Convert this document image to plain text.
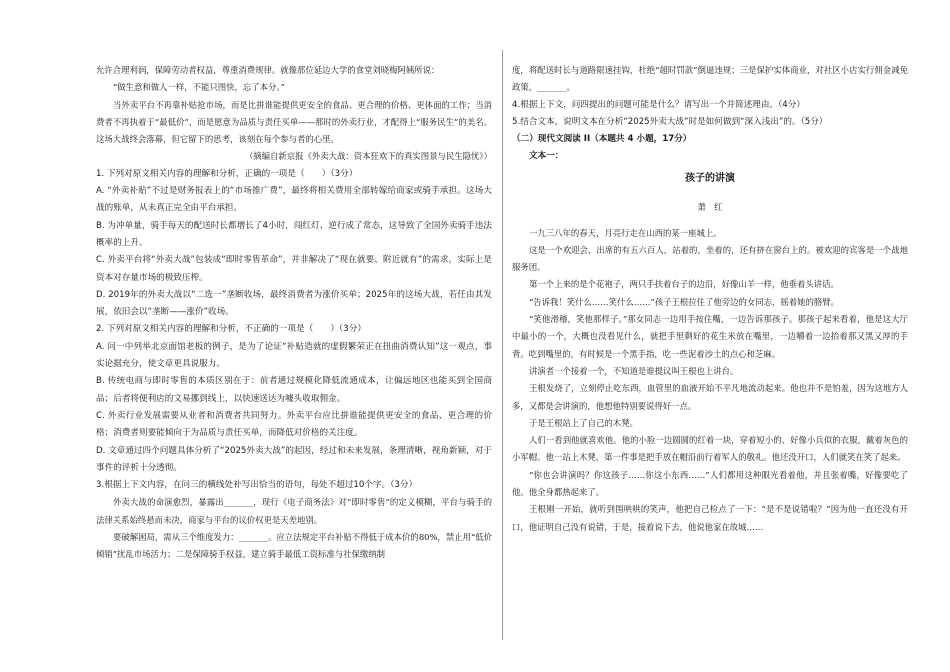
允许合理利润，保障劳动者权益，尊重消费规律。就像那位延边大学的食堂刘晓梅阿姨所说：

“做生意和做人一样，不能只图快，忘了本分。”

当外卖平台不再靠补贴抢市场，而是比拼谁能提供更安全的食品、更合理的价格、更体面的工作；当消费者不再执着于“最低价”，而是愿意为品质与责任买单——那时的外卖行业，才配得上“服务民生”的美名。这场大战终会落幕，但它留下的思考，该刻在每个参与者的心里。

（摘编自新京报《外卖大战：资本狂欢下的真实图景与民生隐忧》）

1. 下列对原文相关内容的理解和分析，正确的一项是（　　）（3分）

A. “外卖补贴”不过是财务报表上的“市场推广费”，最终将相关费用全部转嫁给商家或骑手承担。这场大战的账单，从未真正完全由平台承担。

B. 为冲单量，骑手每天的配送时长都增长了4小时，闯红灯、逆行成了常态，这导致了全国外卖骑手违法概率的上升。

C. 外卖平台将“外卖大战”包装成“即时零售革命”，并非解决了“现在就要、附近就有”的需求，实际上是资本对存量市场的极致压榨。

D. 2019年的外卖大战以“二选一”垄断收场，最终消费者为涨价买单；2025年的这场大战，若任由其发展，依旧会以“垄断——涨价”收场。

2. 下列对原文相关内容的理解和分析，不正确的一项是（　　）（3分）

A. 问一中列举北京面馆老板的例子，是为了论证“补贴造就的虚假繁荣正在扭曲消费认知”这一观点，事实论据充分，使文章更具说服力。

B. 传统电商与即时零售的本质区别在于：前者通过规模化降低流通成本，让偏远地区也能买到全国商品；后者将便利店的文易挪到线上，以快速送达为噱头收取佣金。

C. 外卖行业发展需要从业者和消费者共同努力。外卖平台应比拼谁能提供更安全的食品、更合理的价格；消费者则要能倾向于为品质与责任买单，而降低对价格的关注度。

D. 文章通过四个问题具体分析了“2025外卖大战”的起因，经过和未来发展，条理清晰，视角新颖，对于事件的评析十分透彻。

3.根据上下文内容，在问三的横线处补写出恰当的语句，每处不超过10个字。（3分）

外卖大战的命演愈烈，暴露出_______，现行《电子商务法》对“即时零售”的定义模糊，平台与骑手的法律关系始终悬而未决，商家与平台的议价权更是天差地别。

要破解困局，需从三个维度发力：_______。应立法规定平台补贴不得低于成本价的80%，禁止用“低价倾销”扰乱市场活力；二是保障骑手权益，建立骑手最低工资标准与社保缴纳制

度，将配送时长与道路限速挂钩，杜绝“超时罚款”倒逼违规；三是保护实体商业，对社区小店实行佣金减免政策，_______。

4.根据上下文，问四提出的问题可能是什么？请写出一个并简述理由。（4分）

5.结合文本，说明文本在分析“2025外卖大战”时是如何做到“深入浅出”的。（5分）

（二）现代文阅读 II（本题共 4 小题，17分）

文本一：

孩子的讲演

萧　红

一九三八年的春天，月亮行走在山西的某一座城上。

这是一个欢迎会，出席的有五六百人，站着的，坐着的，还有挤在窗台上的。被欢迎的宾客是一个战地服务团。

第一个上来的是个花袍子，两只手扶着台子的边沿，好像山羊一样，他垂着头讲话。

“告诉我！笑什么……笑什么……”孩子王根拉住了他旁边的女同志，摇着她的胳臂。

“笑他滑稽，笑他那样子。”那女同志一边用手按住嘴，一边告诉那孩子。那孩子起来看着，他是这大厅中最小的一个，大概也没看见什么，就把手里剩好的花生米放在嘴里，一边嚼着一边抬着那又黑又厚的手背。吃到嘴里的，有时候是一个黑手指，吃一些泥着沙土的点心和芝麻。

讲演者一个接着一个，不知道是谁提议叫王根也上讲台。

王根发烧了，立刻停止吃东西，血管里的血液开始不平凡地流动起来。他也并不是怕羞，因为这地方人多，又都是会讲演的，他想他特别要说得好一点。

于是王根站上了自己的木凳。

人们一看到他就喜欢他。他的小脸一边圆圆的红着一块，穿着短小的、好像小兵似的衣服，戴着灰色的小军帽。他一站上木凳，第一件事是把手放在帽沿前行着军人的敬礼。他还没开口，人们就笑在笑了起来。

“你也会讲演吗？你这孩子……你这小东西……”人们都用这种眼光看着他，并且张着嘴，好像要吃了他。他全身都热起来了。

王根刚一开始，就听到围哄哄的笑声，他把自己检点了一下：“是不是说错啦？”因为他一直还没有开口，他证明自己没有说错，于是，接着说下去，他说他家在故城……
